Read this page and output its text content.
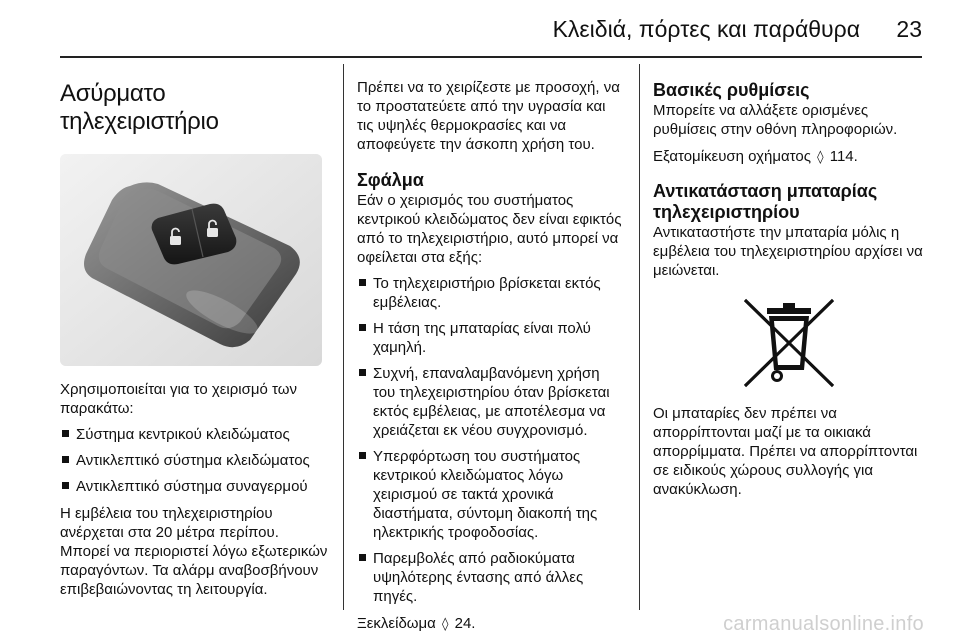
Κλειδιά, πόρτες και παράθυρα 23
Ασύρματο τηλεχειριστήριο

Χρησιμοποιείται για το χειρισμό των παρακάτω:

Σύστημα κεντρικού κλειδώματος
Αντικλεπτικό σύστημα κλειδώματος
Αντικλεπτικό σύστημα συναγερμού

Η εμβέλεια του τηλεχειριστηρίου ανέρχεται στα 20 μέτρα περίπου. Μπορεί να περιοριστεί λόγω εξωτερικών παραγόντων. Τα αλάρμ αναβοσβήνουν επιβεβαιώνοντας τη λειτουργία.

Πρέπει να το χειρίζεστε με προσοχή, να το προστατεύετε από την υγρασία και τις υψηλές θερμοκρασίες και να αποφεύγετε την άσκοπη χρήση του.

Σφάλμα

Εάν ο χειρισμός του συστήματος κεντρικού κλειδώματος δεν είναι εφικτός από το τηλεχειριστήριο, αυτό μπορεί να οφείλεται στα εξής:

Το τηλεχειριστήριο βρίσκεται εκτός εμβέλειας.
Η τάση της μπαταρίας είναι πολύ χαμηλή.
Συχνή, επαναλαμβανόμενη χρήση του τηλεχειριστηρίου όταν βρίσκεται εκτός εμβέλειας, με αποτέλεσμα να χρειάζεται εκ νέου συγχρονισμό.
Υπερφόρτωση του συστήματος κεντρικού κλειδώματος λόγω χειρισμού σε τακτά χρονικά διαστήματα, σύντομη διακοπή της ηλεκτρικής τροφοδοσίας.
Παρεμβολές από ραδιοκύματα υψηλότερης έντασης από άλλες πηγές.

Ξεκλείδωμα ◊ 24.

Βασικές ρυθμίσεις

Μπορείτε να αλλάξετε ορισμένες ρυθμίσεις στην οθόνη πληροφοριών.

Εξατομίκευση οχήματος ◊ 114.

Αντικατάσταση μπαταρίας τηλεχειριστηρίου

Αντικαταστήστε την μπαταρία μόλις η εμβέλεια του τηλεχειριστηρίου αρχίσει να μειώνεται.

Οι μπαταρίες δεν πρέπει να απορρίπτονται μαζί με τα οικιακά απορρίμματα. Πρέπει να απορρίπτονται σε ειδικούς χώρους συλλογής για ανακύκλωση.

carmanualsonline.info
